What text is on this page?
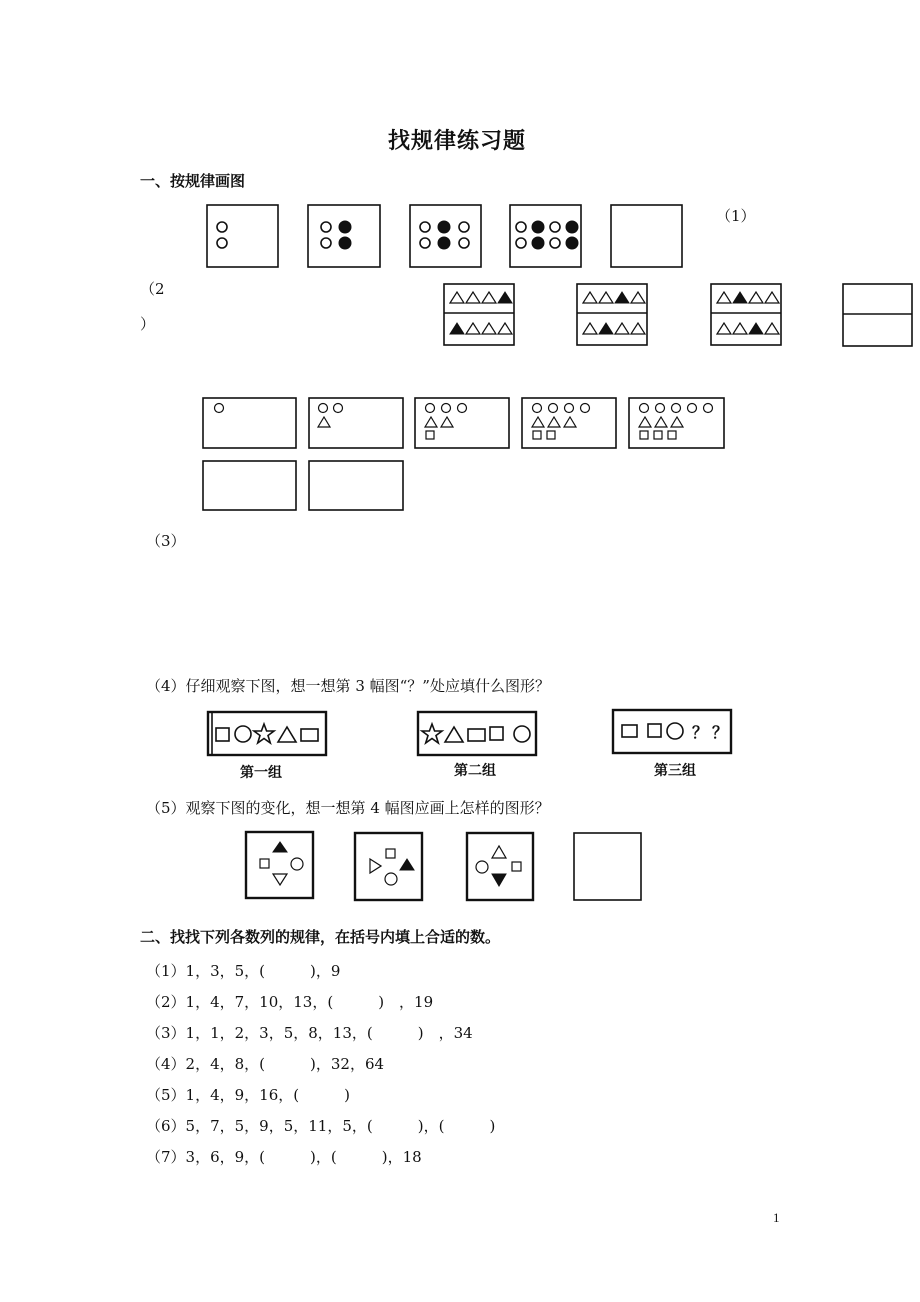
找规律练习题
一、按规律画图
（1）
（2
）
（3）
（4）仔细观察下图，想一想第 3 幅图“？”处应填什么图形？
第一组	第二组	第三组
？ ？
（5）观察下图的变化，想一想第 4 幅图应画上怎样的图形？
二、找找下列各数列的规律，在括号内填上合适的数。
（1）1，3，5，(　　　)，9
（2）1，4，7，10，13，(　　　)　，19
（3）1，1，2，3，5，8，13，(　　　)　，34
（4）2，4，8，(　　　)，32，64
（5）1，4，9，16，(　　　)
（6）5，7，5，9，5，11，5，(　　　)，(　　　)
（7）3，6，9，(　　　)，(　　　)，18
1
